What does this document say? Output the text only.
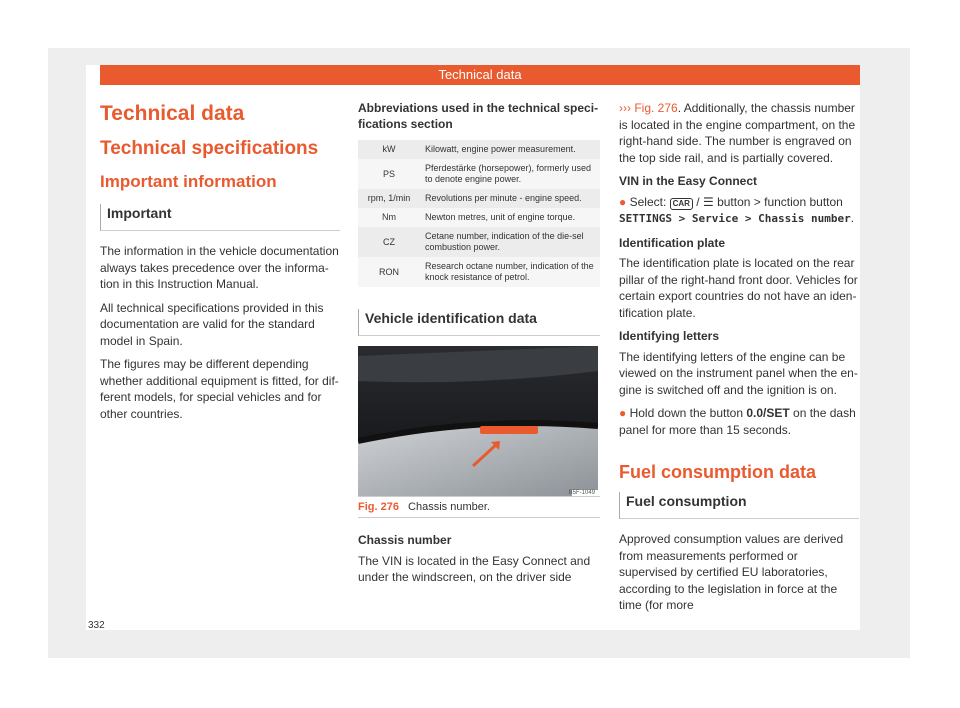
Technical data
Technical data
Technical specifications
Important information
Important

The information in the vehicle documentation always takes precedence over the informa-tion in this Instruction Manual.

All technical specifications provided in this documentation are valid for the standard model in Spain.

The figures may be different depending whether additional equipment is fitted, for dif-ferent models, for special vehicles and for other countries.

Abbreviations used in the technical speci-fications section
kW	Kilowatt, engine power measurement.
PS	Pferdestärke (horsepower), formerly used to denote engine power.
rpm, 1/min	Revolutions per minute - engine speed.
Nm	Newton metres, unit of engine torque.
CZ	Cetane number, indication of the die-sel combustion power.
RON	Research octane number, indication of the knock resistance of petrol.
Vehicle identification data
B5F-1049
Fig. 276 Chassis number.

Chassis number

The VIN is located in the Easy Connect and under the windscreen, on the driver side

››› Fig. 276. Additionally, the chassis number is located in the engine compartment, on the right-hand side. The number is engraved on the top side rail, and is partially covered.

VIN in the Easy Connect

● Select: CAR / ☰ button > function button SETTINGS > Service > Chassis number.

Identification plate

The identification plate is located on the rear pillar of the right-hand front door. Vehicles for certain export countries do not have an iden-tification plate.

Identifying letters

The identifying letters of the engine can be viewed on the instrument panel when the en-gine is switched off and the ignition is on.

● Hold down the button 0.0/SET on the dash panel for more than 15 seconds.

Fuel consumption data
Fuel consumption

Approved consumption values are derived from measurements performed or supervised by certified EU laboratories, according to the legislation in force at the time (for more

332
